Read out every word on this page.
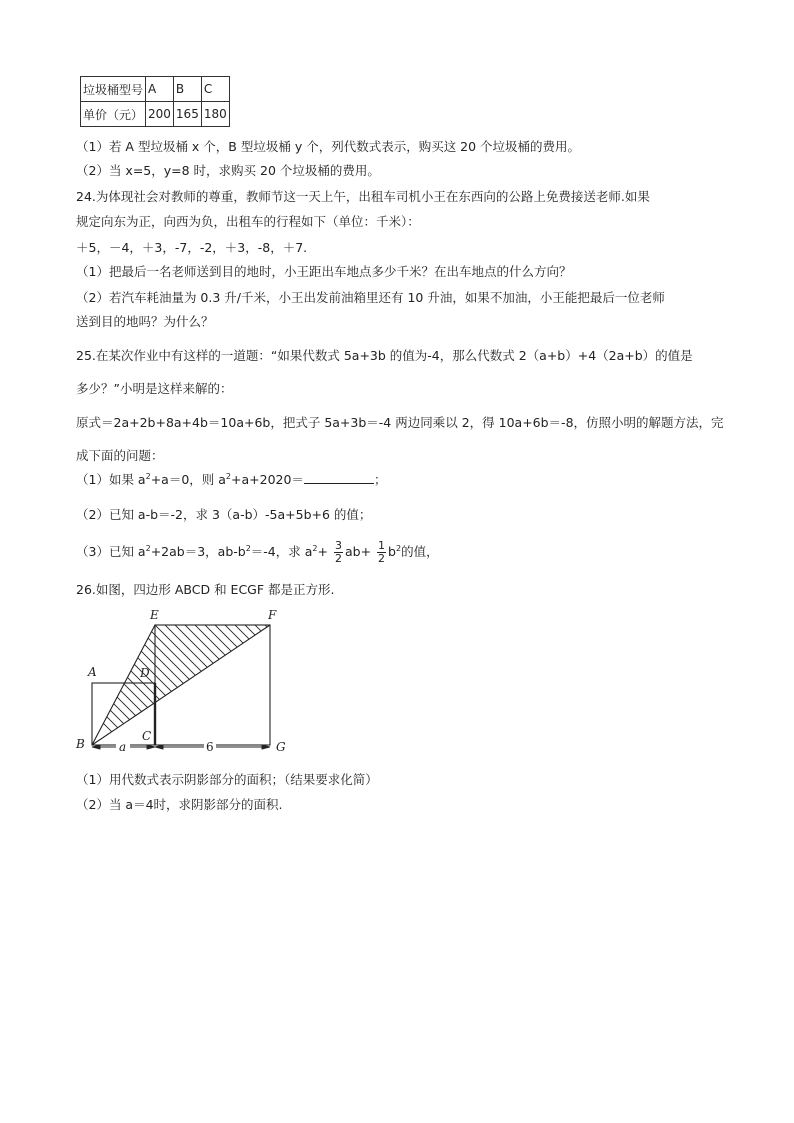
垃圾桶型号	A	B	C
单价（元）	200	165	180
（1）若 A 型垃圾桶 x 个，B 型垃圾桶 y 个，列代数式表示，购买这 20 个垃圾桶的费用。
（2）当 x=5，y=8 时，求购买 20 个垃圾桶的费用。
24.为体现社会对教师的尊重，教师节这一天上午，出租车司机小王在东西向的公路上免费接送老师.如果
规定向东为正，向西为负，出租车的行程如下（单位：千米）：
＋5，－4，＋3，-7，-2，＋3，-8，＋7.
（1）把最后一名老师送到目的地时，小王距出车地点多少千米？在出车地点的什么方向？
（2）若汽车耗油量为 0.3 升/千米，小王出发前油箱里还有 10 升油，如果不加油，小王能把最后一位老师
送到目的地吗？为什么？
25.在某次作业中有这样的一道题：“如果代数式 5a+3b 的值为-4，那么代数式 2（a+b）+4（2a+b）的值是
多少？”小明是这样来解的：
原式＝2a+2b+8a+4b＝10a+6b，把式子 5a+3b＝-4 两边同乘以 2，得 10a+6b＝-8，仿照小明的解题方法，完
成下面的问题：
（1）如果 $a^2+a=0$，则 $a^2+a+2020=$	；
（2）已知 a-b＝-2，求 3（a-b）-5a+5b+6 的值；
（3）已知 $a^2+2ab=3$，$ab-b^2=-4$，求 $a^2+ \frac{3}{2} ab+ \frac{1}{2} b^2$的值，
26.如图，四边形 ABCD 和 ECGF 都是正方形.
A
B
C
D
E	F
G
a	6
（1）用代数式表示阴影部分的面积；（结果要求化简）
（2）当 a＝4时，求阴影部分的面积.
